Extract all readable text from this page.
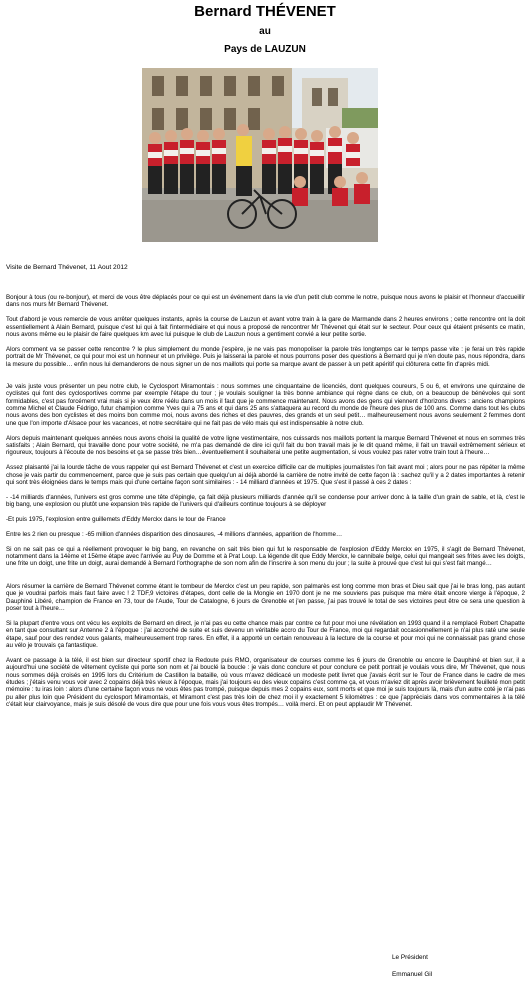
Bernard THÉVENET
au
Pays de LAUZUN
Visite de Bernard Thévenet, 11 Aout 2012

Bonjour à tous (ou re-bonjour), et merci de vous être déplacés pour ce qui est un événement dans la vie d'un petit club comme le notre, puisque nous avons le plaisir et l'honneur d'accueillir dans nos murs Mr Bernard Thévenet.

Tout d'abord je vous remercie de vous arrêter quelques instants, après la course de Lauzun et avant votre train à la gare de Marmande dans 2 heures environs ; cette rencontre ont la doit essentiellement à Alain Bernard, puisque c'est lui qui à fait l'intermédiaire et qui nous a proposé de rencontrer Mr Thévenet qui était sur le secteur. Pour ceux qui étaient présents ce matin, nous avons même eu le plaisir de faire quelques km avec lui puisque le club de Lauzun nous a gentiment convié a leur petite sortie.

Alors comment va se passer cette rencontre ? le plus simplement du monde j'espère, je ne vais pas monopoliser la parole très longtemps car le temps passe vite : je ferai un très rapide portrait de Mr Thévenet, ce qui pour moi est un honneur et un privilège. Puis je laisserai la parole et nous pourrons poser des questions à Bernard qui je n'en doute pas, nous répondra, dans la mesure du possible… enfin nous lui demanderons de nous signer un de nos maillots qui porte sa marque avant de passer à un petit apéritif qui clôturera cette fin d'après midi.

Je vais juste vous présenter un peu notre club, le Cyclosport Miramontais : nous sommes une cinquantaine de licenciés, dont quelques coureurs, 5 ou 6, et environs une quinzaine de cyclistes qui font des cyclosportives comme par exemple l'étape du tour ; je voulais souligner la très bonne ambiance qui règne dans ce club, on a beaucoup de bénévoles qui sont formidables, c'est pas forcément vrai mais si je veux être réélu dans un mois il faut que je commence maintenant. Nous avons des gens qui viennent d'horizons divers : anciens champions comme Michel et Claude Fédrigo, futur champion comme Yves qui a 75 ans et qui dans 25 ans s'attaquera au record du monde de l'heure des plus de 100 ans. Comme dans tout les clubs nous avons des bon cyclistes et des moins bon comme moi, nous avons des riches et des pauvres, des grands et un seul petit… malheureusement nous avons seulement 2 femmes dont une que l'on importe d'Alsace pour les vacances, et notre secrétaire qui ne fait pas de vélo mais qui est indispensable à notre club.

Alors depuis maintenant quelques années nous avons choisi la qualité de votre ligne vestimentaire, nos cuissards nos maillots portent la marque Bernard Thévenet et nous en sommes très satisfaits ; Alain Bernard, qui travaille donc pour votre société, ne m'a pas demandé de dire ici qu'il fait du bon travail mais je le dit quand même, il fait un travail extrêmement sérieux et rigoureux, toujours à l'écoute de nos besoins et ça se passe très bien…éventuellement il souhaiterai une petite augmentation, si vous voulez pas rater votre train tout à l'heure…

Assez plaisanté j'ai la lourde tâche de vous rappeler qui est Bernard Thévenet et c'est un exercice difficile car de multiples journalistes l'on fait avant moi ; alors pour ne pas répéter la même chose je vais partir du commencement, parce que je suis pas certain que quelqu'un ai déjà abordé la carrière de notre invité de cette façon là : sachez qu'il y a 2 dates importantes à retenir qui sont très éloignées dans le temps mais qui d'une certaine façon sont similaires : - 14 milliard d'années et 1975. Que s'est il passé à ces 2 dates :

- -14 milliards d'années, l'univers est gros comme une tête d'épingle, ça fait déjà plusieurs milliards d'année qu'il se condense pour arriver donc à la taille d'un grain de sable, et là, c'est le big bang, une explosion ou plutôt une expansion très rapide de l'univers qui d'ailleurs continue toujours à se déployer

-Et puis 1975, l'explosion entre guillemets d'Eddy Merckx dans le tour de France

Entre les 2 rien ou presque : -65 million d'années disparition des dinosaures, -4 millions d'années, apparition de l'homme…

Si on ne sait pas ce qui a réellement provoquer le big bang, en revanche on sait très bien qui fut le responsable de l'explosion d'Eddy Merckx en 1975, il s'agit de Bernard Thévenet, notamment dans la 14ème et 15ème étape avec l'arrivée au Puy de Domme et à Prat Loup. La légende dit que Eddy Merckx, le cannibale belge, celui qui mangeait ses frites avec les doigts, une frite un doigt, une frite un doigt, aurai demandé à Bernard l'orthographe de son nom afin de l'inscrire à son menu du jour ; la suite à prouvé que c'est lui qui s'est fait mangé…

Alors résumer la carrière de Bernard Thévenet comme étant le tombeur de Merckx c'est un peu rapide, son palmarès est long comme mon bras et Dieu sait que j'ai le bras long, pas autant que je voudrai parfois mais faut faire avec ! 2 TDF,9 victoires d'étapes, dont celle de la Mongie en 1970 dont je ne me souviens pas puisque ma mère était encore vierge à l'époque, 2 Dauphiné Libéré, champion de France en 73, tour de l'Aude, Tour de Catalogne, 6 jours de Grenoble et j'en passe, j'ai pas trouvé le total de ses victoires peut être ce sera une question à poser tout à l'heure…

Si la plupart d'entre vous ont vécu les exploits de Bernard en direct, je n'ai pas eu cette chance mais par contre ce fut pour moi une révélation en 1993 quand il a remplacé Robert Chapatte en tant que consultant sur Antenne 2 à l'époque : j'ai accroché de suite et suis devenu un véritable accro du Tour de France, moi qui regardait occasionnellement je n'ai plus raté une seule étape, sauf pour des rendez vous galants, malheureusement trop rares. En effet, il a apporté un certain renouveau à la lecture de la course et pour moi qui ne connaissait pas grand chose au vélo je trouvais ça fantastique.

Avant ce passage à la télé, il est bien sur directeur sportif chez la Redoute puis RMO, organisateur de courses comme les 6 jours de Grenoble ou encore le Dauphiné et bien sur, il a aujourd'hui une société de vêtement cycliste qui porte son nom et j'ai bouclé la boucle : je vais donc conclure et pour conclure ce petit portrait je voulais vous dire, Mr Thévenet, que nous nous sommes déjà croisés en 1995 lors du Critérium de Castillon la bataille, où vous m'avez dédicacé un modeste petit livret que j'avais écrit sur le Tour de France dans le cadre de mes études ; j'étais venu vous voir avec 2 copains déjà très vieux à l'époque, mais j'ai toujours eu des vieux copains c'est comme ça, et vous m'aviez dit après avoir brièvement feuilleté mon petit mémoire : tu iras loin : alors d'une certaine façon vous ne vous êtes pas trompé, puisque depuis mes 2 copains eux, sont morts et que moi je suis toujours là, mais d'un autre coté je n'ai pas pu aller plus loin que Président du cyclosport Miramontais, et Miramont c'est pas très loin de chez moi il y exactement 5 kilomètres : ce que j'appréciais dans vos commentaires à la télé c'était leur clairvoyance, mais je suis désolé de vous dire que pour une fois vous vous êtes trompés… voilà merci. Et on peut applaudir Mr Thévenet.

Le Président
Emmanuel Gil
